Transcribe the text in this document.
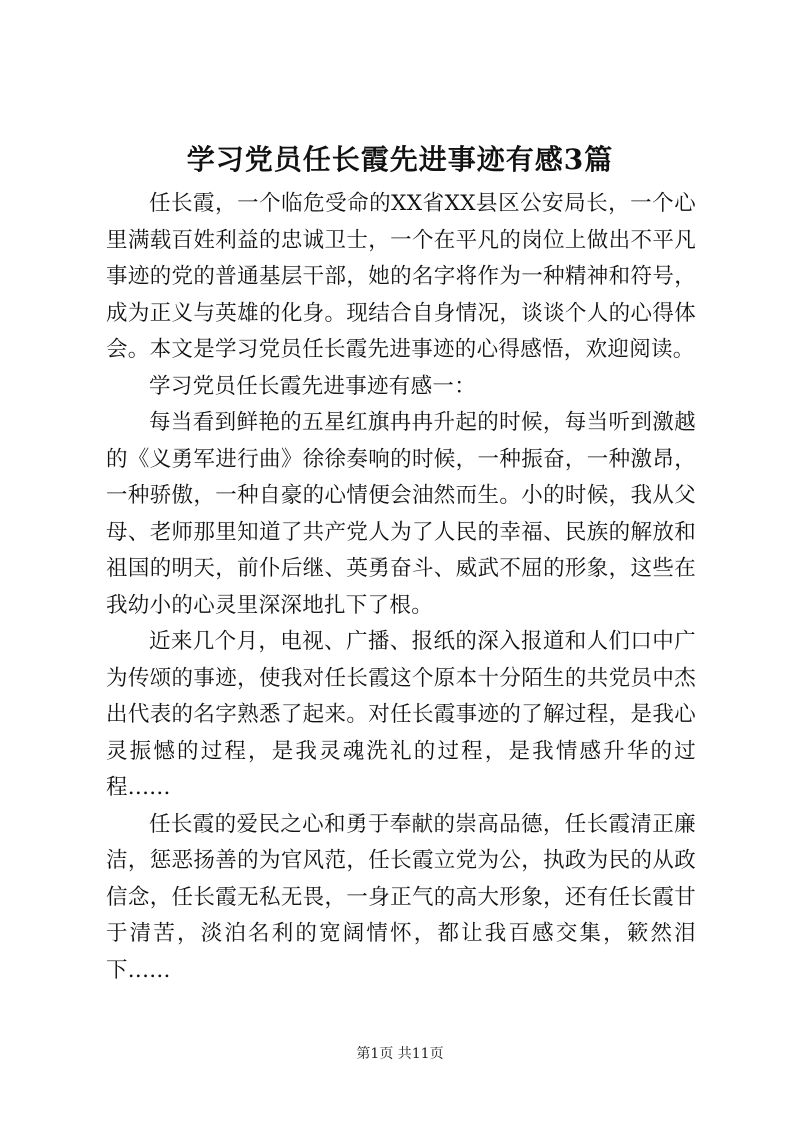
学习党员任长霞先进事迹有感3篇

任长霞，一个临危受命的XX省XX县区公安局长，一个心里满载百姓利益的忠诚卫士，一个在平凡的岗位上做出不平凡事迹的党的普通基层干部，她的名字将作为一种精神和符号，成为正义与英雄的化身。现结合自身情况，谈谈个人的心得体会。本文是学习党员任长霞先进事迹的心得感悟，欢迎阅读。

学习党员任长霞先进事迹有感一：

每当看到鲜艳的五星红旗冉冉升起的时候，每当听到激越的《义勇军进行曲》徐徐奏响的时候，一种振奋，一种激昂，一种骄傲，一种自豪的心情便会油然而生。小的时候，我从父母、老师那里知道了共产党人为了人民的幸福、民族的解放和祖国的明天，前仆后继、英勇奋斗、威武不屈的形象，这些在我幼小的心灵里深深地扎下了根。

近来几个月，电视、广播、报纸的深入报道和人们口中广为传颂的事迹，使我对任长霞这个原本十分陌生的共党员中杰出代表的名字熟悉了起来。对任长霞事迹的了解过程，是我心灵振憾的过程，是我灵魂洗礼的过程，是我情感升华的过程......

任长霞的爱民之心和勇于奉献的崇高品德，任长霞清正廉洁，惩恶扬善的为官风范，任长霞立党为公，执政为民的从政信念，任长霞无私无畏，一身正气的高大形象，还有任长霞甘于清苦，淡泊名利的宽阔情怀，都让我百感交集，簌然泪下......

第1页 共11页
